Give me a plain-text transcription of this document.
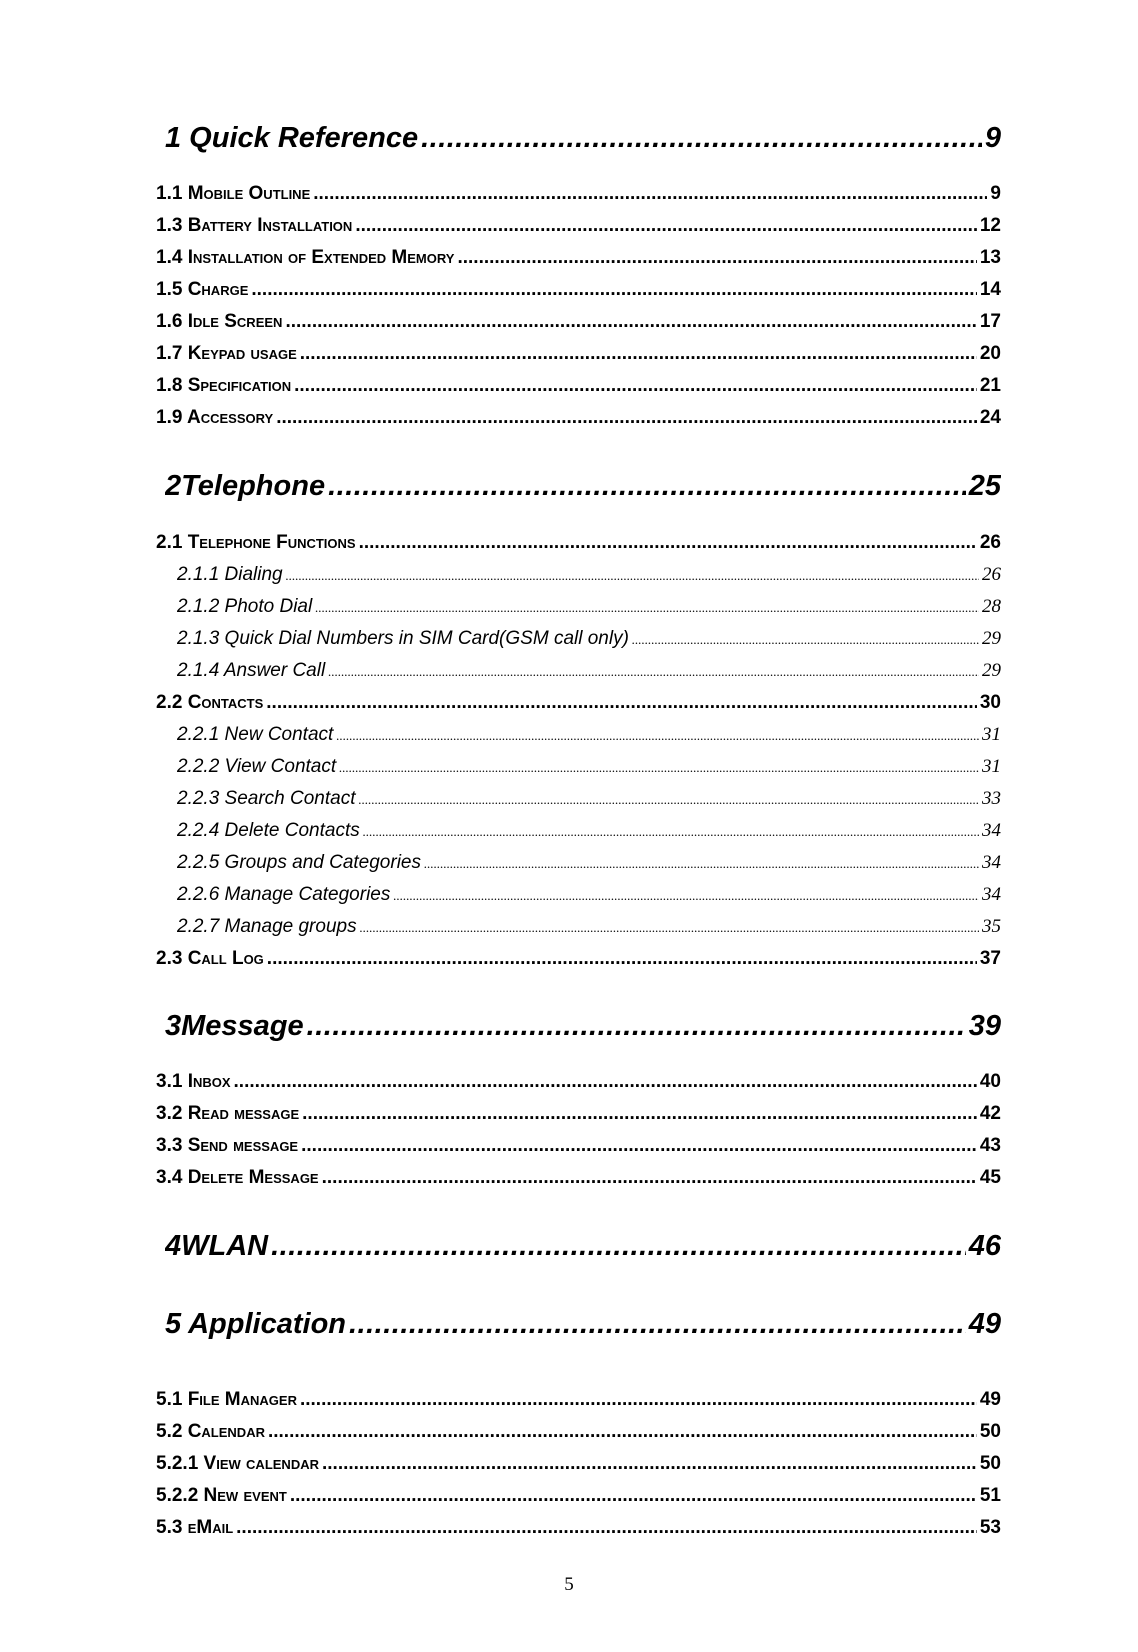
1 Quick Reference .....	9
1.1 Mobile Outline .....	9
1.3 Battery Installation .....	12
1.4 Installation of Extended Memory .....	13
1.5 Charge .....	14
1.6 Idle Screen .....	17
1.7 Keypad usage .....	20
1.8 Specification .....	21
1.9 Accessory .....	24
2Telephone .....	25
2.1 Telephone Functions .....	26
2.1.1 Dialing .....	26
2.1.2 Photo Dial .....	28
2.1.3 Quick Dial Numbers in SIM Card(GSM call only) .....	29
2.1.4 Answer Call .....	29
2.2 Contacts .....	30
2.2.1 New Contact .....	31
2.2.2 View Contact .....	31
2.2.3 Search Contact .....	33
2.2.4 Delete Contacts .....	34
2.2.5 Groups and Categories .....	34
2.2.6 Manage Categories .....	34
2.2.7 Manage groups .....	35
2.3 Call Log .....	37
3Message .....	39
3.1 Inbox .....	40
3.2 Read message .....	42
3.3 Send message .....	43
3.4 Delete Message .....	45
4WLAN .....	46
5 Application .....	49
5.1 File Manager .....	49
5.2 Calendar .....	50
5.2.1 View calendar .....	50
5.2.2 New event .....	51
5.3 eMail .....	53
5
